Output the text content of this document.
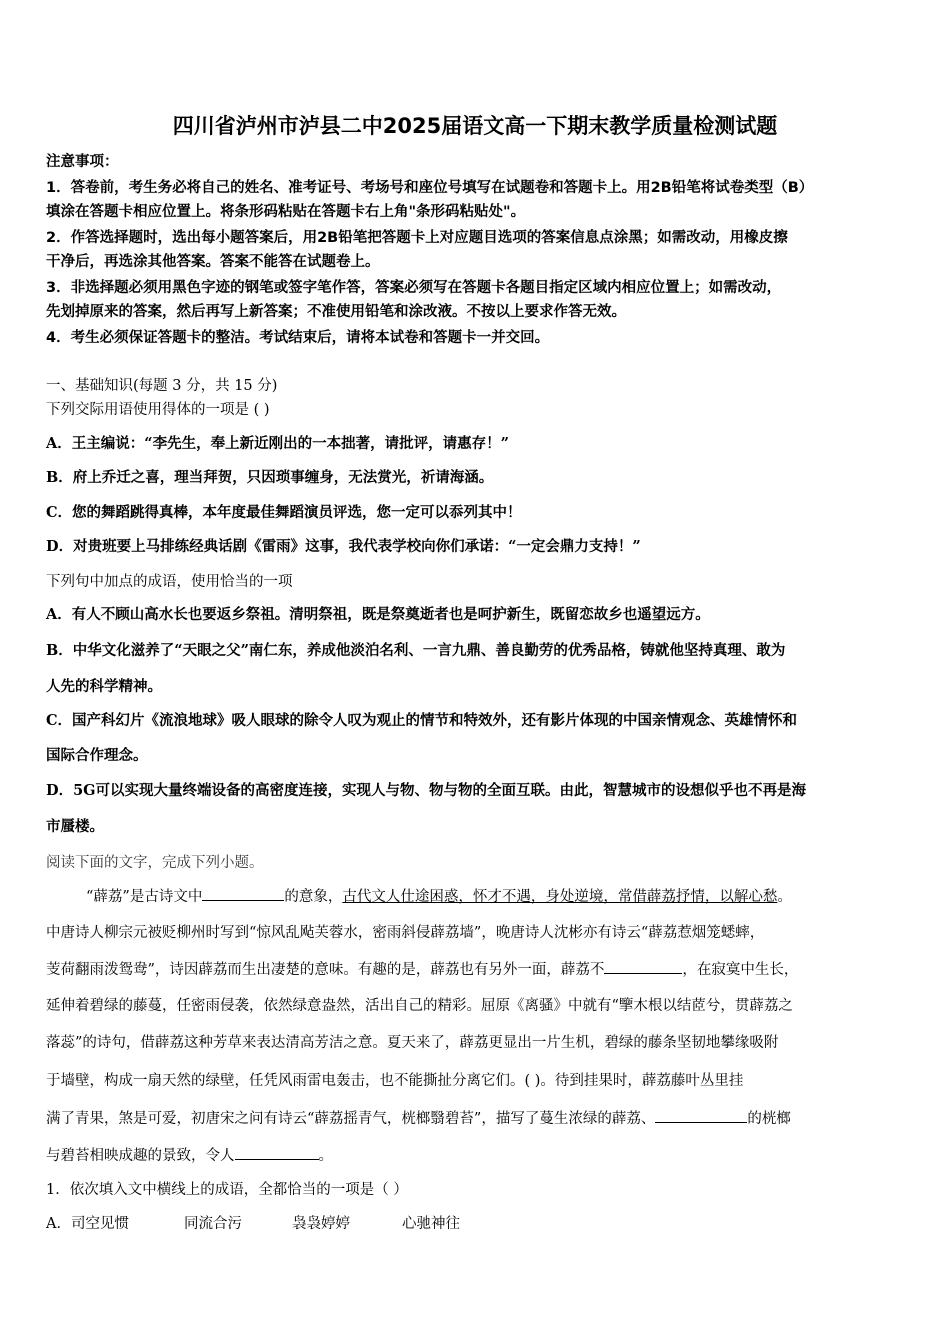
四川省泸州市泸县二中2025届语文高一下期末教学质量检测试题
注意事项：
1．答卷前，考生务必将自己的姓名、准考证号、考场号和座位号填写在试题卷和答题卡上。用2B铅笔将试卷类型（B）
填涂在答题卡相应位置上。将条形码粘贴在答题卡右上角"条形码粘贴处"。
2．作答选择题时，选出每小题答案后，用2B铅笔把答题卡上对应题目选项的答案信息点涂黑；如需改动，用橡皮擦
干净后，再选涂其他答案。答案不能答在试题卷上。
3．非选择题必须用黑色字迹的钢笔或签字笔作答，答案必须写在答题卡各题目指定区域内相应位置上；如需改动，
先划掉原来的答案，然后再写上新答案；不准使用铅笔和涂改液。不按以上要求作答无效。
4．考生必须保证答题卡的整洁。考试结束后，请将本试卷和答题卡一并交回。
一、基础知识(每题 3 分，共 15 分)
下列交际用语使用得体的一项是 ( )
A．王主编说：“李先生，奉上新近刚出的一本拙著，请批评，请惠存！”
B．府上乔迁之喜，理当拜贺，只因琐事缠身，无法赏光，祈请海涵。
C．您的舞蹈跳得真棒，本年度最佳舞蹈演员评选，您一定可以忝列其中！
D．对贵班要上马排练经典话剧《雷雨》这事，我代表学校向你们承诺：“一定会鼎力支持！”
下列句中加点的成语，使用恰当的一项
A．有人不顾山高水长也要返乡祭祖。清明祭祖，既是祭奠逝者也是呵护新生，既留恋故乡也遥望远方。
B．中华文化滋养了“天眼之父”南仁东，养成他淡泊名利、一言九鼎、善良勤劳的优秀品格，铸就他坚持真理、敢为
人先的科学精神。
C．国产科幻片《流浪地球》吸人眼球的除令人叹为观止的情节和特效外，还有影片体现的中国亲情观念、英雄情怀和
国际合作理念。
D．5G可以实现大量终端设备的高密度连接，实现人与物、物与物的全面互联。由此，智慧城市的设想似乎也不再是海
市蜃楼。
阅读下面的文字，完成下列小题。
“薜荔”是古诗文中	的意象，古代文人仕途困惑，怀才不遇，身处逆境，常借薜荔抒情，以解心愁。
中唐诗人柳宗元被贬柳州时写到“惊风乱飐芙蓉水，密雨斜侵薜荔墙”，晚唐诗人沈彬亦有诗云“薜荔惹烟笼蟋蟀，
芰荷翻雨泼鸳鸯”，诗因薜荔而生出凄楚的意味。有趣的是，薜荔也有另外一面，薜荔不	，在寂寞中生长，
延伸着碧绿的藤蔓，任密雨侵袭，依然绿意盎然，活出自己的精彩。屈原《离骚》中就有“擥木根以结茝兮，贯薜荔之
落蕊”的诗句，借薜荔这种芳草来表达清高芳洁之意。夏天来了，薜荔更显出一片生机，碧绿的藤条坚韧地攀缘吸附
于墙壁，构成一扇天然的绿壁，任凭风雨雷电轰击，也不能撕扯分离它们。( )。待到挂果时，薜荔藤叶丛里挂
满了青果，煞是可爱，初唐宋之问有诗云“薜荔摇青气，桄榔翳碧苔”，描写了蔓生浓绿的薜荔、	的桄榔
与碧苔相映成趣的景致，令人	。
1．依次填入文中横线上的成语，全都恰当的一项是（ ）
A．司空见惯	同流合污	袅袅婷婷	心驰神往
